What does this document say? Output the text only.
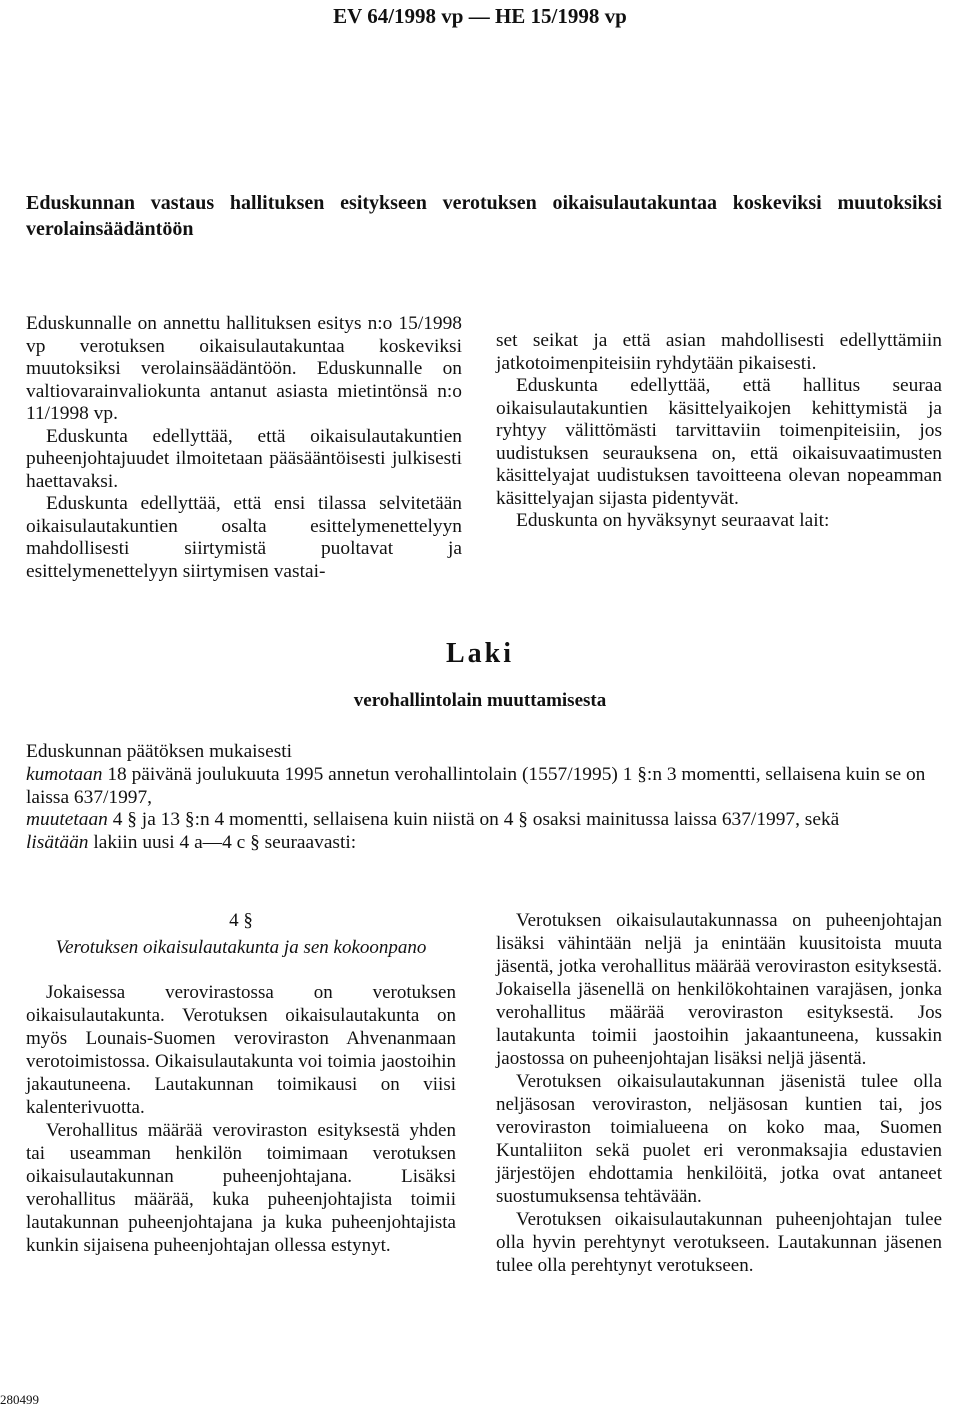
EV 64/1998 vp — HE 15/1998 vp
Eduskunnan vastaus hallituksen esitykseen verotuksen oikaisulautakuntaa koskeviksi muutoksiksi verolainsäädäntöön

Eduskunnalle on annettu hallituksen esitys n:o 15/1998 vp verotuksen oikaisulautakuntaa koskeviksi muutoksiksi verolainsäädäntöön. Eduskunnalle on valtiovarainvaliokunta antanut asiasta mietintönsä n:o 11/1998 vp.

Eduskunta edellyttää, että oikaisulautakuntien puheenjohtajuudet ilmoitetaan pääsääntöisesti julkisesti haettavaksi.

Eduskunta edellyttää, että ensi tilassa selvitetään oikaisulautakuntien osalta esittelymenettelyyn mahdollisesti siirtymistä puoltavat ja esittelymenettelyyn siirtymisen vastai-

set seikat ja että asian mahdollisesti edellyttämiin jatkotoimenpiteisiin ryhdytään pikaisesti.

Eduskunta edellyttää, että hallitus seuraa oikaisulautakuntien käsittelyaikojen kehittymistä ja ryhtyy välittömästi tarvittaviin toimenpiteisiin, jos uudistuksen seurauksena on, että oikaisuvaatimusten käsittelyajat uudistuksen tavoitteena olevan nopeamman käsittelyajan sijasta pidentyvät.

Eduskunta on hyväksynyt seuraavat lait:

Laki
verohallintolain muuttamisesta

Eduskunnan päätöksen mukaisesti

kumotaan 18 päivänä joulukuuta 1995 annetun verohallintolain (1557/1995) 1 §:n 3 momentti, sellaisena kuin se on laissa 637/1997,

muutetaan 4 § ja 13 §:n 4 momentti, sellaisena kuin niistä on 4 § osaksi mainitussa laissa 637/1997, sekä

lisätään lakiin uusi 4 a—4 c § seuraavasti:

4 §

Verotuksen oikaisulautakunta ja sen kokoonpano

Jokaisessa verovirastossa on verotuksen oikaisulautakunta. Verotuksen oikaisulautakunta on myös Lounais-Suomen veroviraston Ahvenanmaan verotoimistossa. Oikaisulautakunta voi toimia jaostoihin jakautuneena. Lautakunnan toimikausi on viisi kalenterivuotta.

Verohallitus määrää veroviraston esityksestä yhden tai useamman henkilön toimimaan verotuksen oikaisulautakunnan puheenjohtajana. Lisäksi verohallitus määrää, kuka puheenjohtajista toimii lautakunnan puheenjohtajana ja kuka puheenjohtajista kunkin sijaisena puheenjohtajan ollessa estynyt.

Verotuksen oikaisulautakunnassa on puheenjohtajan lisäksi vähintään neljä ja enintään kuusitoista muuta jäsentä, jotka verohallitus määrää veroviraston esityksestä. Jokaisella jäsenellä on henkilökohtainen varajäsen, jonka verohallitus määrää veroviraston esityksestä. Jos lautakunta toimii jaostoihin jakaantuneena, kussakin jaostossa on puheenjohtajan lisäksi neljä jäsentä.

Verotuksen oikaisulautakunnan jäsenistä tulee olla neljäsosan veroviraston, neljäsosan kuntien tai, jos veroviraston toimialueena on koko maa, Suomen Kuntaliiton sekä puolet eri veronmaksajia edustavien järjestöjen ehdottamia henkilöitä, jotka ovat antaneet suostumuksensa tehtävään.

Verotuksen oikaisulautakunnan puheenjohtajan tulee olla hyvin perehtynyt verotukseen. Lautakunnan jäsenen tulee olla perehtynyt verotukseen.

280499
